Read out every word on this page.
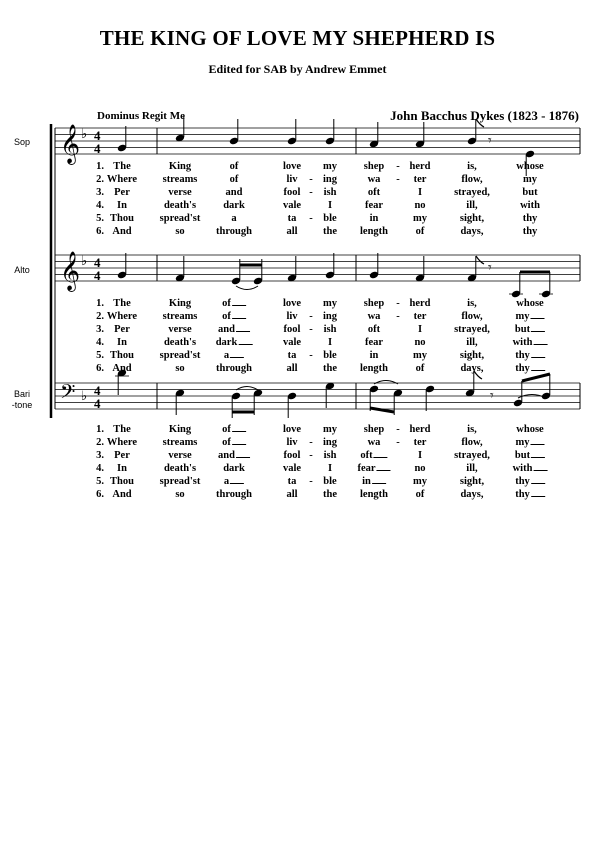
THE KING OF LOVE MY SHEPHERD IS
Edited for SAB by Andrew Emmet
Dominus Regit Me	John Bacchus Dykes (1823 - 1876)
Sop
Alto
Bari
-tone
𝄞 ♭ 4
4
𝄞 ♭ 4
4
𝄢 ♭ 4
4
𝄾
𝄾
𝄾
1. The	King	of	love my	shep herd	is,	whose
-
2. Where streams	of	liv ing	wa	ter	flow,	my
-	-
3. Per	verse	and	fool ish	oft	I	strayed,	but
-
4. In	death's	dark	vale	I	fear	no	ill,	with
5. Thou spread'st	a	ta	ble	in	my	sight,	thy
-
6. And	so	through	all the length	of	days,	thy
1. The	King	of	love my	shep herd	is,	whose
-
2. Where streams of	liv ing	wa	ter	flow,	my
-	-
3. Per	verse	and	fool ish	oft	I	strayed, but
-
4. In	death's dark	vale	I	fear	no	ill,	with
5. Thou spread'st a	ta	ble	in	my	sight,	thy
-
6. And	so	through	all the length	of	days,	thy
1. The	King	of	love my	shep herd	is,	whose
-
2. Where streams of	liv ing	wa	ter	flow,	my
-	-
3. Per	verse	and	fool ish oft	I	strayed, but
-
4. In	death's	dark	vale	I fear	no	ill,	with
5. Thou spread'st a	ta	ble in	my	sight,	thy
-
6. And	so	through	all the length	of	days,	thy
